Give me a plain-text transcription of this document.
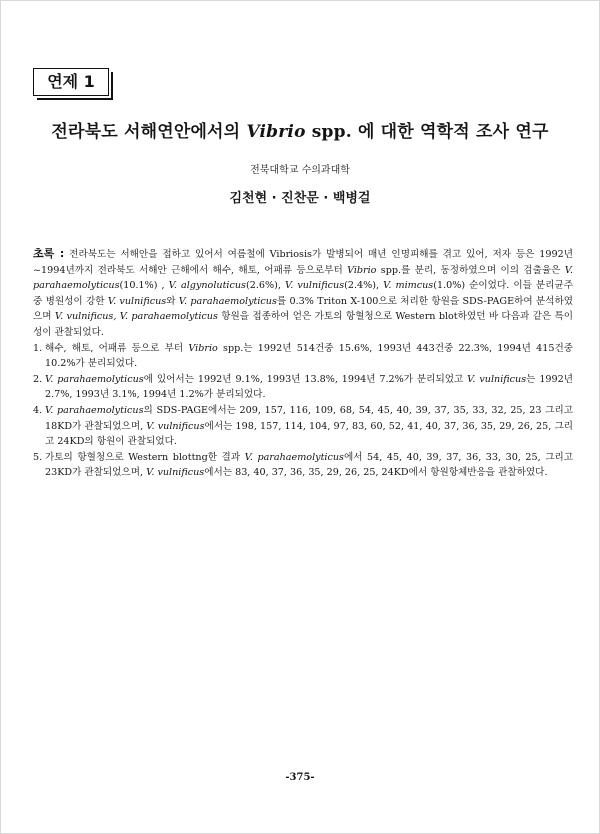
연제 1
전라북도 서해연안에서의 Vibrio spp. 에 대한 역학적 조사 연구
전북대학교 수의과대학
김천현 · 진찬문 · 백병걸

초록 : 전라북도는 서해안을 접하고 있어서 여름철에 Vibriosis가 발병되어 매년 인명피해를 겪고 있어, 저자 등은 1992년~1994년까지 전라북도 서해안 근해에서 해수, 해토, 어패류 등으로부터 Vibrio spp.를 분리, 동정하였으며 이의 검출율은 V. parahaemolyticus(10.1%) , V. algynoluticus(2.6%), V. vulnificus(2.4%), V. mimcus(1.0%) 순이었다. 이들 분리균주 중 병원성이 강한 V. vulnificus와 V. parahaemolyticus를 0.3% Triton X-100으로 처리한 항원을 SDS-PAGE하여 분석하였으며 V. vulnificus, V. parahaemolyticus 항원을 접종하여 얻은 가토의 항혈청으로 Western blot하였던 바 다음과 같은 특이성이 관찰되었다.

1. 해수, 해토, 어패류 등으로 부터 Vibrio spp.는 1992년 514건중 15.6%, 1993년 443건중 22.3%, 1994년 415건중 10.2%가 분리되었다.
2. V. parahaemolyticus에 있어서는 1992년 9.1%, 1993년 13.8%, 1994년 7.2%가 분리되었고 V. vulnificus는 1992년 2.7%, 1993년 3.1%, 1994년 1.2%가 분리되었다.
4. V. parahaemolyticus의 SDS-PAGE에서는 209, 157, 116, 109, 68, 54, 45, 40, 39, 37, 35, 33, 32, 25, 23 그리고 18KD가 관찰되었으며, V. vulnificus에서는 198, 157, 114, 104, 97, 83, 60, 52, 41, 40, 37, 36, 35, 29, 26, 25, 그리고 24KD의 항원이 관찰되었다.
5. 가토의 항혈청으로 Western blottng한 결과 V. parahaemolyticus에서 54, 45, 40, 39, 37, 36, 33, 30, 25, 그리고 23KD가 관찰되었으며, V. vulnificus에서는 83, 40, 37, 36, 35, 29, 26, 25, 24KD에서 항원항체반응을 관찰하였다.
-375-
